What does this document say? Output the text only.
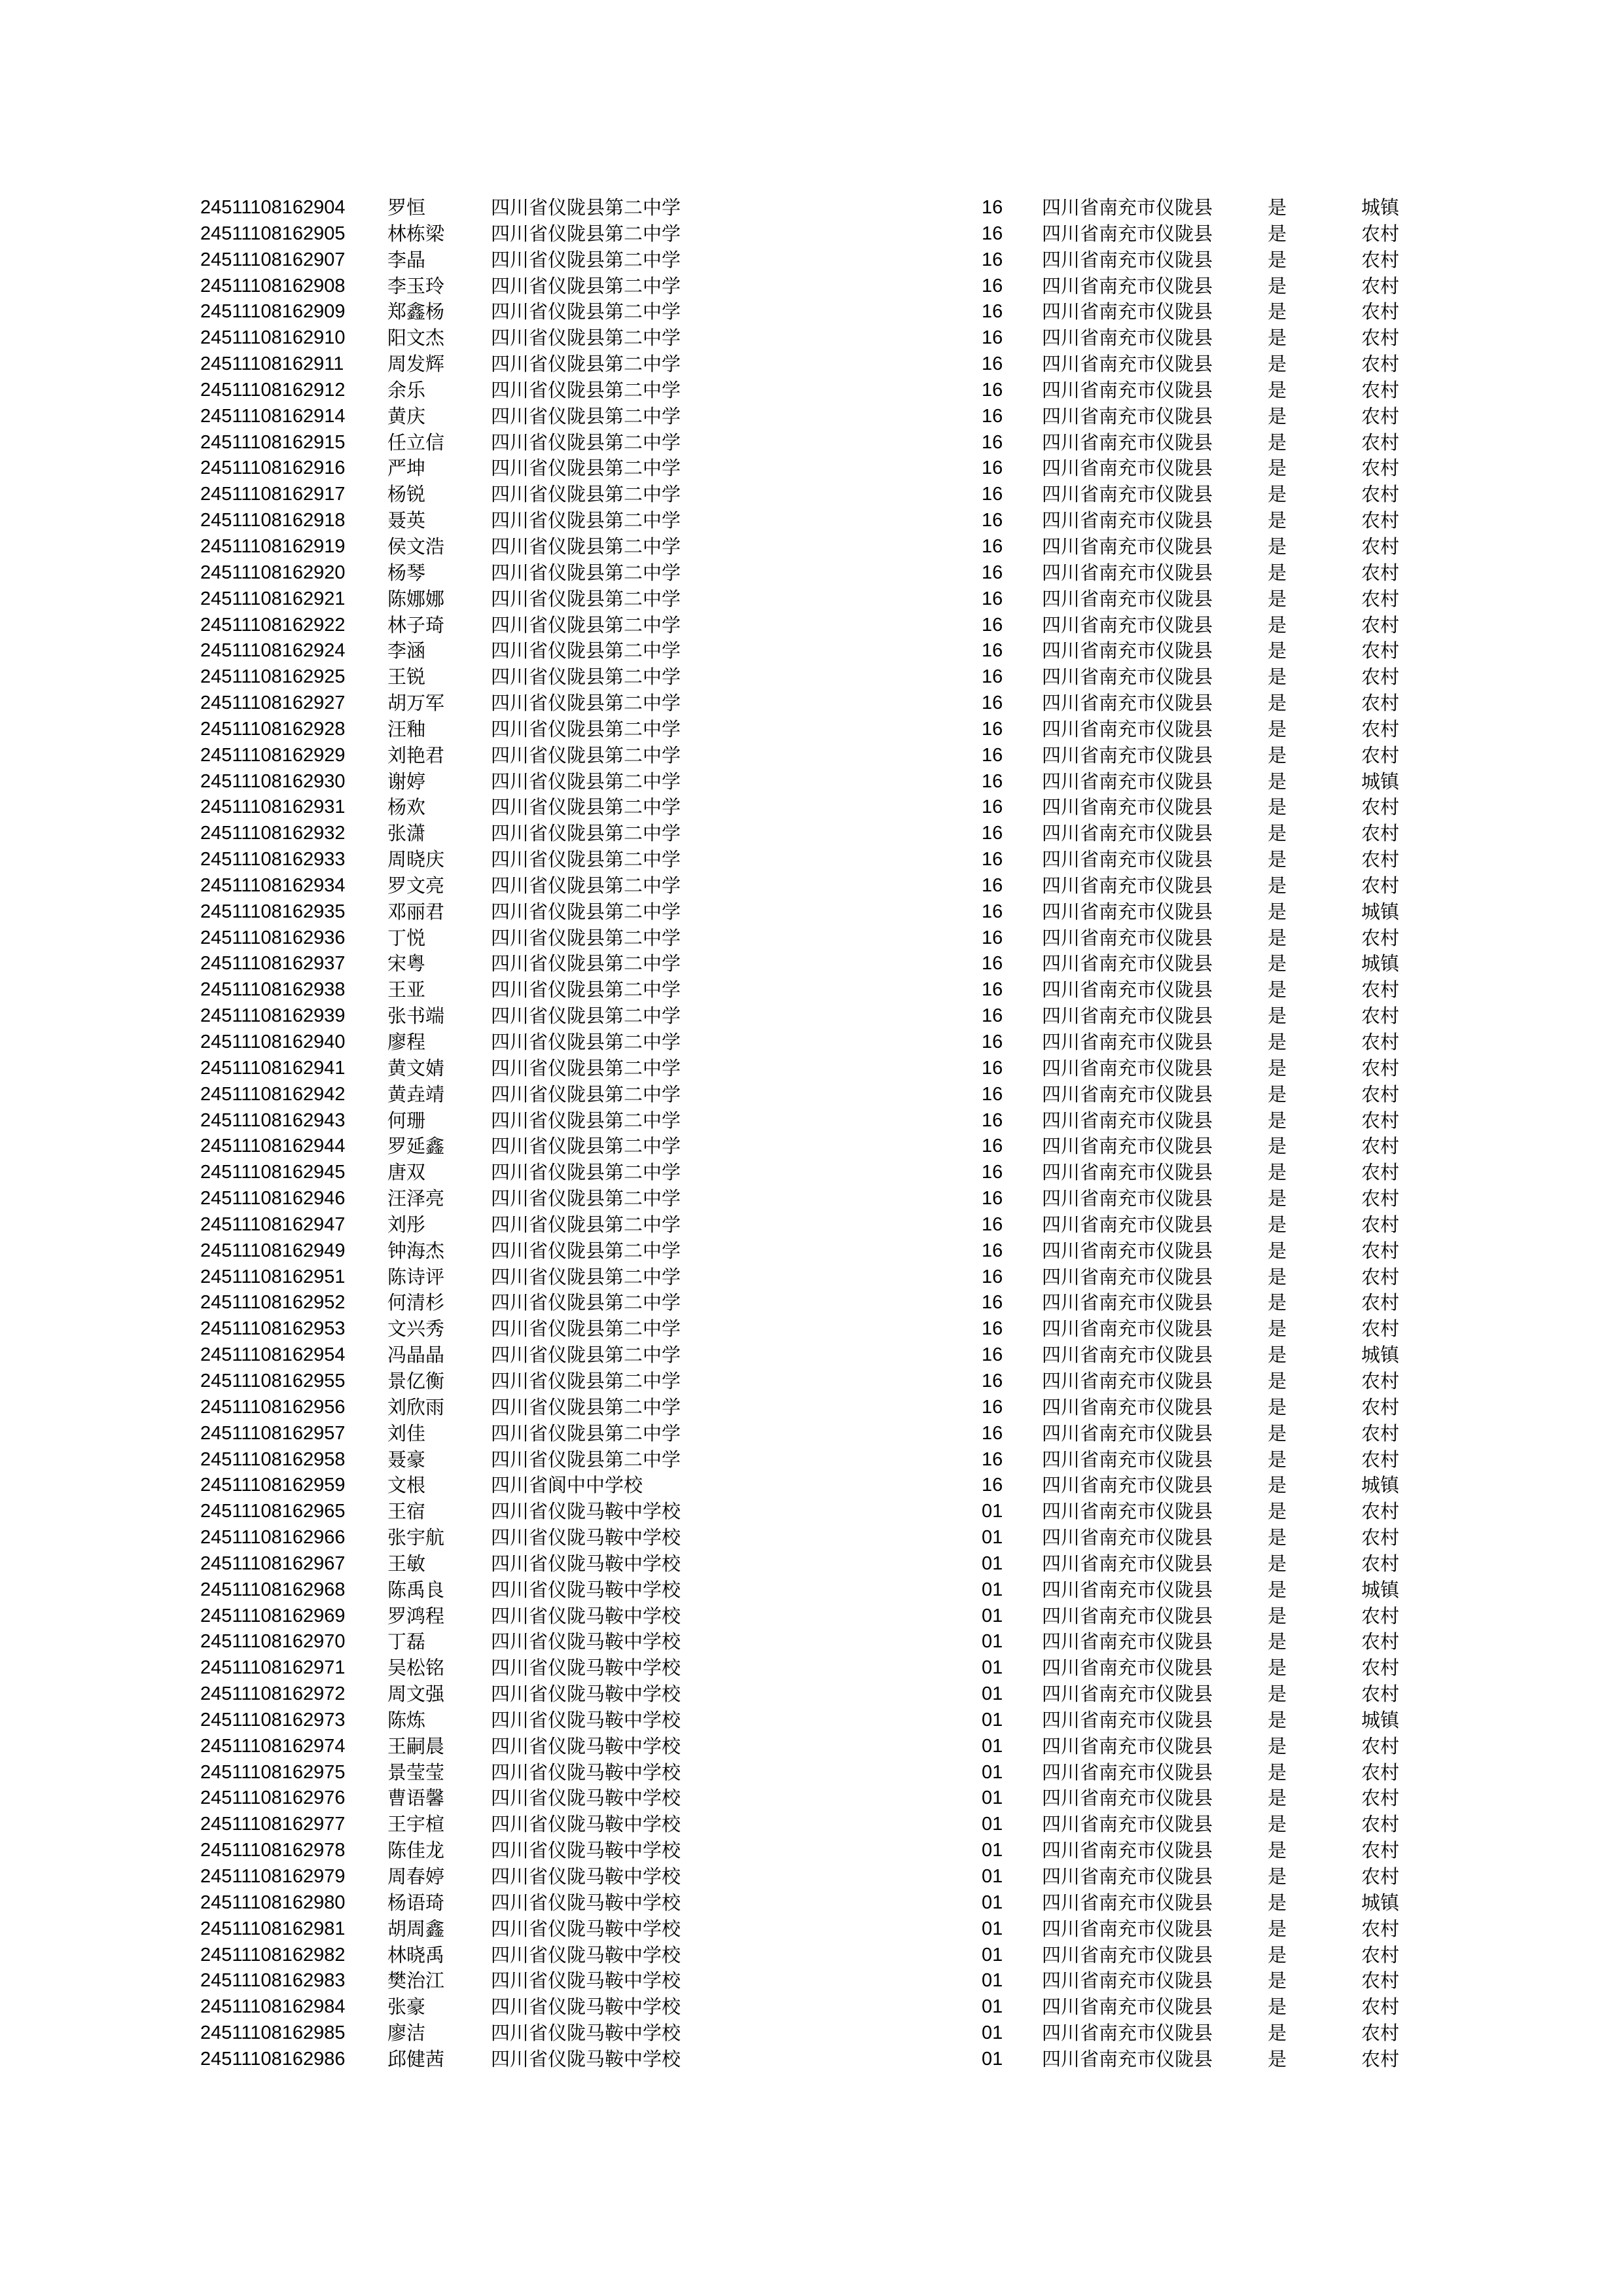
24511108162904	罗恒	四川省仪陇县第二中学	16	四川省南充市仪陇县	是	城镇
24511108162905	林栋梁	四川省仪陇县第二中学	16	四川省南充市仪陇县	是	农村
24511108162907	李晶	四川省仪陇县第二中学	16	四川省南充市仪陇县	是	农村
24511108162908	李玉玲	四川省仪陇县第二中学	16	四川省南充市仪陇县	是	农村
24511108162909	郑鑫杨	四川省仪陇县第二中学	16	四川省南充市仪陇县	是	农村
24511108162910	阳文杰	四川省仪陇县第二中学	16	四川省南充市仪陇县	是	农村
24511108162911	周发辉	四川省仪陇县第二中学	16	四川省南充市仪陇县	是	农村
24511108162912	余乐	四川省仪陇县第二中学	16	四川省南充市仪陇县	是	农村
24511108162914	黄庆	四川省仪陇县第二中学	16	四川省南充市仪陇县	是	农村
24511108162915	任立信	四川省仪陇县第二中学	16	四川省南充市仪陇县	是	农村
24511108162916	严坤	四川省仪陇县第二中学	16	四川省南充市仪陇县	是	农村
24511108162917	杨锐	四川省仪陇县第二中学	16	四川省南充市仪陇县	是	农村
24511108162918	聂英	四川省仪陇县第二中学	16	四川省南充市仪陇县	是	农村
24511108162919	侯文浩	四川省仪陇县第二中学	16	四川省南充市仪陇县	是	农村
24511108162920	杨琴	四川省仪陇县第二中学	16	四川省南充市仪陇县	是	农村
24511108162921	陈娜娜	四川省仪陇县第二中学	16	四川省南充市仪陇县	是	农村
24511108162922	林子琦	四川省仪陇县第二中学	16	四川省南充市仪陇县	是	农村
24511108162924	李涵	四川省仪陇县第二中学	16	四川省南充市仪陇县	是	农村
24511108162925	王锐	四川省仪陇县第二中学	16	四川省南充市仪陇县	是	农村
24511108162927	胡万军	四川省仪陇县第二中学	16	四川省南充市仪陇县	是	农村
24511108162928	汪釉	四川省仪陇县第二中学	16	四川省南充市仪陇县	是	农村
24511108162929	刘艳君	四川省仪陇县第二中学	16	四川省南充市仪陇县	是	农村
24511108162930	谢婷	四川省仪陇县第二中学	16	四川省南充市仪陇县	是	城镇
24511108162931	杨欢	四川省仪陇县第二中学	16	四川省南充市仪陇县	是	农村
24511108162932	张潇	四川省仪陇县第二中学	16	四川省南充市仪陇县	是	农村
24511108162933	周晓庆	四川省仪陇县第二中学	16	四川省南充市仪陇县	是	农村
24511108162934	罗文亮	四川省仪陇县第二中学	16	四川省南充市仪陇县	是	农村
24511108162935	邓丽君	四川省仪陇县第二中学	16	四川省南充市仪陇县	是	城镇
24511108162936	丁悦	四川省仪陇县第二中学	16	四川省南充市仪陇县	是	农村
24511108162937	宋粤	四川省仪陇县第二中学	16	四川省南充市仪陇县	是	城镇
24511108162938	王亚	四川省仪陇县第二中学	16	四川省南充市仪陇县	是	农村
24511108162939	张书端	四川省仪陇县第二中学	16	四川省南充市仪陇县	是	农村
24511108162940	廖程	四川省仪陇县第二中学	16	四川省南充市仪陇县	是	农村
24511108162941	黄文婧	四川省仪陇县第二中学	16	四川省南充市仪陇县	是	农村
24511108162942	黄垚靖	四川省仪陇县第二中学	16	四川省南充市仪陇县	是	农村
24511108162943	何珊	四川省仪陇县第二中学	16	四川省南充市仪陇县	是	农村
24511108162944	罗延鑫	四川省仪陇县第二中学	16	四川省南充市仪陇县	是	农村
24511108162945	唐双	四川省仪陇县第二中学	16	四川省南充市仪陇县	是	农村
24511108162946	汪泽亮	四川省仪陇县第二中学	16	四川省南充市仪陇县	是	农村
24511108162947	刘彤	四川省仪陇县第二中学	16	四川省南充市仪陇县	是	农村
24511108162949	钟海杰	四川省仪陇县第二中学	16	四川省南充市仪陇县	是	农村
24511108162951	陈诗评	四川省仪陇县第二中学	16	四川省南充市仪陇县	是	农村
24511108162952	何清杉	四川省仪陇县第二中学	16	四川省南充市仪陇县	是	农村
24511108162953	文兴秀	四川省仪陇县第二中学	16	四川省南充市仪陇县	是	农村
24511108162954	冯晶晶	四川省仪陇县第二中学	16	四川省南充市仪陇县	是	城镇
24511108162955	景亿衡	四川省仪陇县第二中学	16	四川省南充市仪陇县	是	农村
24511108162956	刘欣雨	四川省仪陇县第二中学	16	四川省南充市仪陇县	是	农村
24511108162957	刘佳	四川省仪陇县第二中学	16	四川省南充市仪陇县	是	农村
24511108162958	聂豪	四川省仪陇县第二中学	16	四川省南充市仪陇县	是	农村
24511108162959	文根	四川省阆中中学校	16	四川省南充市仪陇县	是	城镇
24511108162965	王宿	四川省仪陇马鞍中学校	01	四川省南充市仪陇县	是	农村
24511108162966	张宇航	四川省仪陇马鞍中学校	01	四川省南充市仪陇县	是	农村
24511108162967	王敏	四川省仪陇马鞍中学校	01	四川省南充市仪陇县	是	农村
24511108162968	陈禹良	四川省仪陇马鞍中学校	01	四川省南充市仪陇县	是	城镇
24511108162969	罗鸿程	四川省仪陇马鞍中学校	01	四川省南充市仪陇县	是	农村
24511108162970	丁磊	四川省仪陇马鞍中学校	01	四川省南充市仪陇县	是	农村
24511108162971	吴松铭	四川省仪陇马鞍中学校	01	四川省南充市仪陇县	是	农村
24511108162972	周文强	四川省仪陇马鞍中学校	01	四川省南充市仪陇县	是	农村
24511108162973	陈炼	四川省仪陇马鞍中学校	01	四川省南充市仪陇县	是	城镇
24511108162974	王嗣晨	四川省仪陇马鞍中学校	01	四川省南充市仪陇县	是	农村
24511108162975	景莹莹	四川省仪陇马鞍中学校	01	四川省南充市仪陇县	是	农村
24511108162976	曹语馨	四川省仪陇马鞍中学校	01	四川省南充市仪陇县	是	农村
24511108162977	王宇楦	四川省仪陇马鞍中学校	01	四川省南充市仪陇县	是	农村
24511108162978	陈佳龙	四川省仪陇马鞍中学校	01	四川省南充市仪陇县	是	农村
24511108162979	周春婷	四川省仪陇马鞍中学校	01	四川省南充市仪陇县	是	农村
24511108162980	杨语琦	四川省仪陇马鞍中学校	01	四川省南充市仪陇县	是	城镇
24511108162981	胡周鑫	四川省仪陇马鞍中学校	01	四川省南充市仪陇县	是	农村
24511108162982	林晓禹	四川省仪陇马鞍中学校	01	四川省南充市仪陇县	是	农村
24511108162983	樊治江	四川省仪陇马鞍中学校	01	四川省南充市仪陇县	是	农村
24511108162984	张豪	四川省仪陇马鞍中学校	01	四川省南充市仪陇县	是	农村
24511108162985	廖洁	四川省仪陇马鞍中学校	01	四川省南充市仪陇县	是	农村
24511108162986	邱健茜	四川省仪陇马鞍中学校	01	四川省南充市仪陇县	是	农村
